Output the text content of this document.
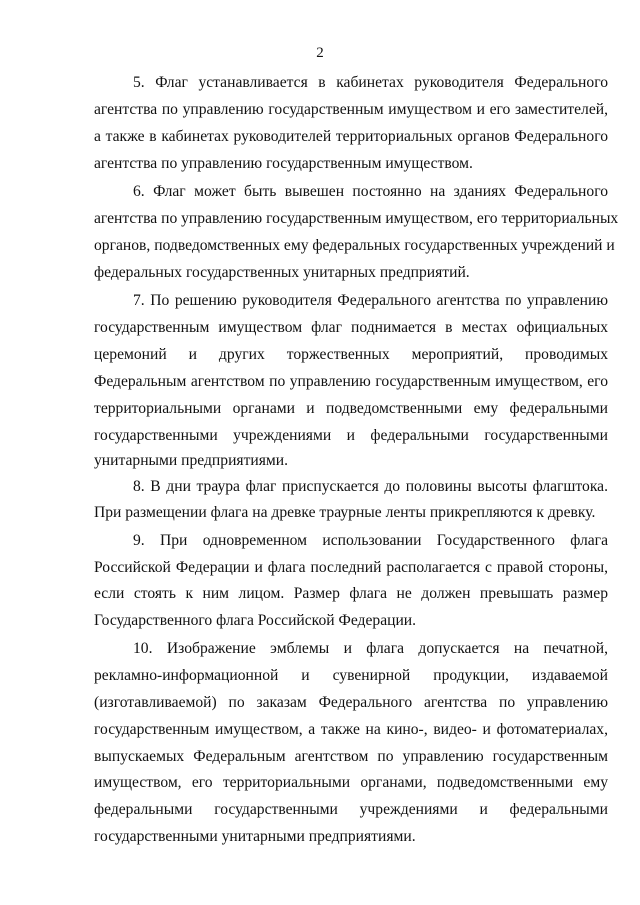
2
5. Флаг устанавливается в кабинетах руководителя Федерального
агентства по управлению государственным имуществом и его заместителей,
а также в кабинетах руководителей территориальных органов Федерального
агентства по управлению государственным имуществом.
6. Флаг может быть вывешен постоянно на зданиях Федерального
агентства по управлению государственным имуществом, его территориальных
органов, подведомственных ему федеральных государственных учреждений и
федеральных государственных унитарных предприятий.
7. По решению руководителя Федерального агентства по управлению
государственным имуществом флаг поднимается в местах официальных
церемоний и других торжественных мероприятий, проводимых
Федеральным агентством по управлению государственным имуществом, его
территориальными органами и подведомственными ему федеральными
государственными учреждениями и федеральными государственными
унитарными предприятиями.
8. В дни траура флаг приспускается до половины высоты флагштока.
При размещении флага на древке траурные ленты прикрепляются к древку.
9. При одновременном использовании Государственного флага
Российской Федерации и флага последний располагается с правой стороны,
если стоять к ним лицом. Размер флага не должен превышать размер
Государственного флага Российской Федерации.
10. Изображение эмблемы и флага допускается на печатной,
рекламно-информационной и сувенирной продукции, издаваемой
(изготавливаемой) по заказам Федерального агентства по управлению
государственным имуществом, а также на кино-, видео- и фотоматериалах,
выпускаемых Федеральным агентством по управлению государственным
имуществом, его территориальными органами, подведомственными ему
федеральными государственными учреждениями и федеральными
государственными унитарными предприятиями.
